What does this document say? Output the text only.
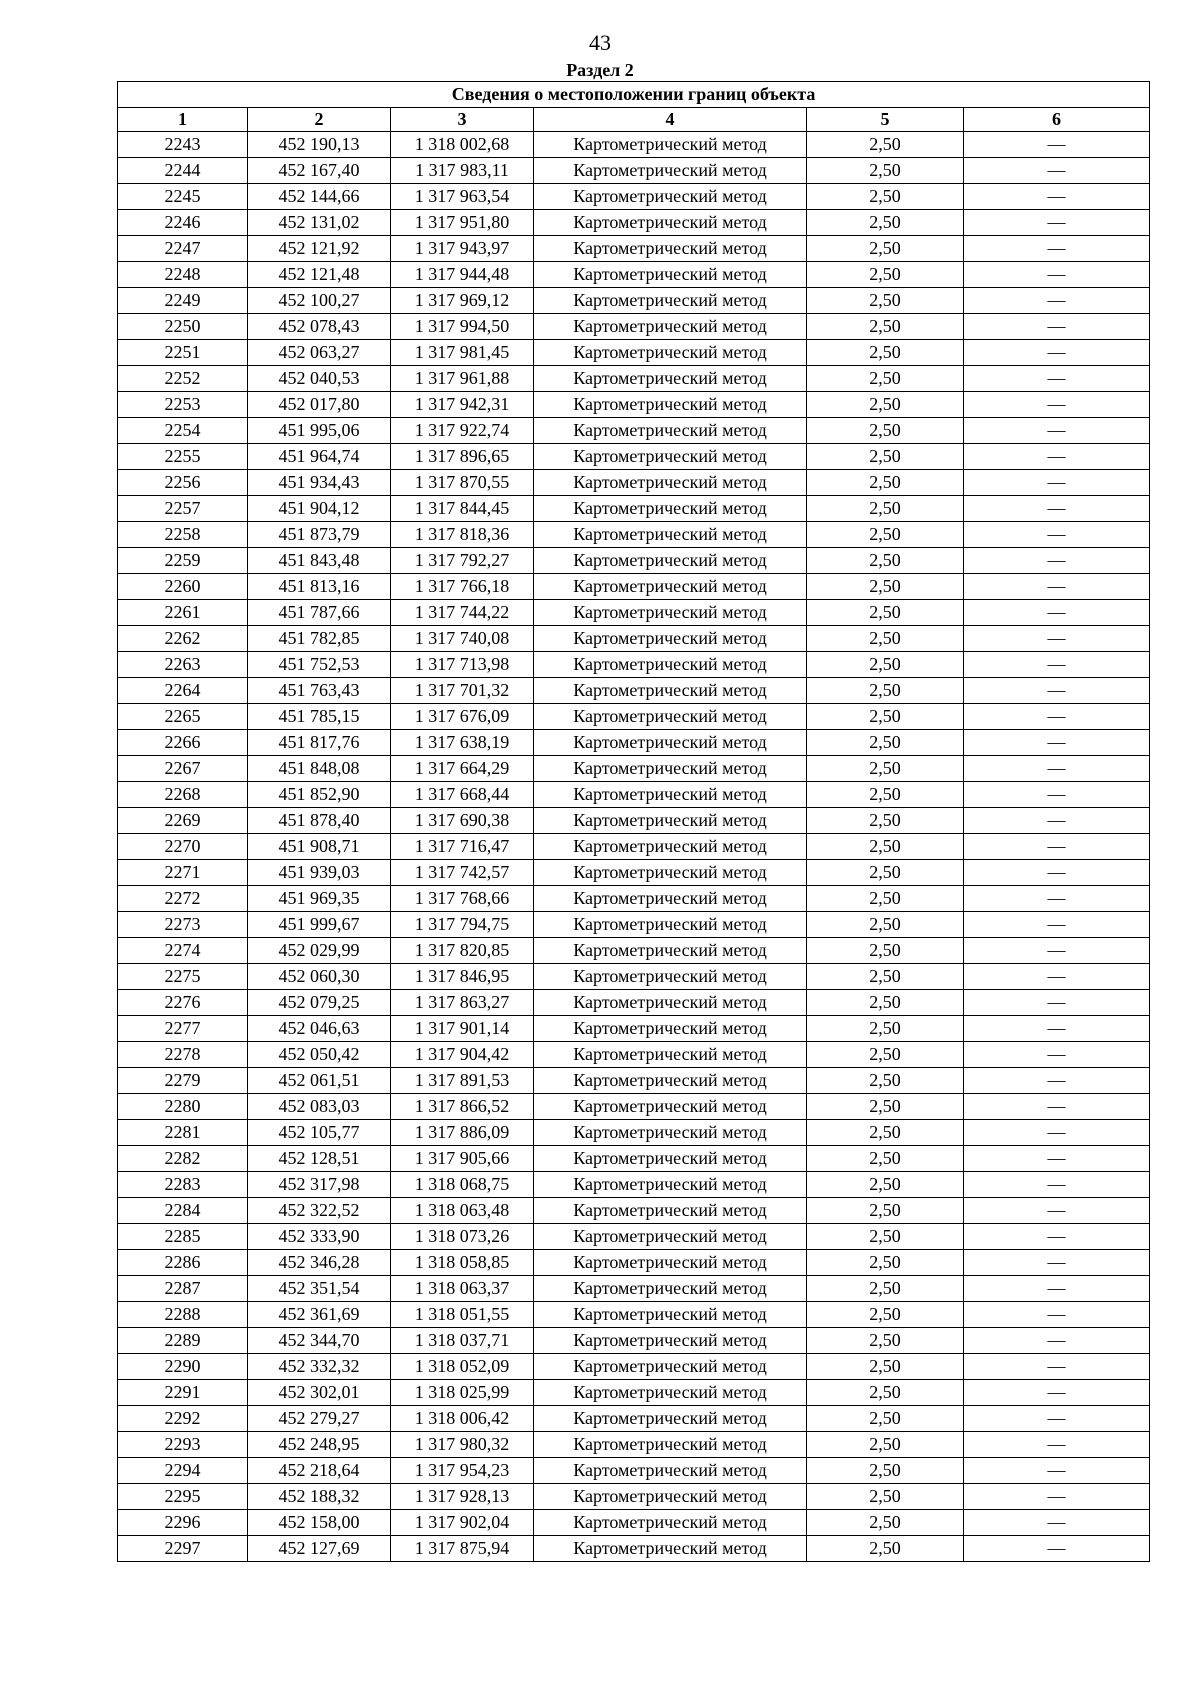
43
Раздел 2
Сведения о местоположении границ объекта					
1	2	3	4	5	6
2243	452 190,13	1 318 002,68	Картометрический метод	2,50	—
2244	452 167,40	1 317 983,11	Картометрический метод	2,50	—
2245	452 144,66	1 317 963,54	Картометрический метод	2,50	—
2246	452 131,02	1 317 951,80	Картометрический метод	2,50	—
2247	452 121,92	1 317 943,97	Картометрический метод	2,50	—
2248	452 121,48	1 317 944,48	Картометрический метод	2,50	—
2249	452 100,27	1 317 969,12	Картометрический метод	2,50	—
2250	452 078,43	1 317 994,50	Картометрический метод	2,50	—
2251	452 063,27	1 317 981,45	Картометрический метод	2,50	—
2252	452 040,53	1 317 961,88	Картометрический метод	2,50	—
2253	452 017,80	1 317 942,31	Картометрический метод	2,50	—
2254	451 995,06	1 317 922,74	Картометрический метод	2,50	—
2255	451 964,74	1 317 896,65	Картометрический метод	2,50	—
2256	451 934,43	1 317 870,55	Картометрический метод	2,50	—
2257	451 904,12	1 317 844,45	Картометрический метод	2,50	—
2258	451 873,79	1 317 818,36	Картометрический метод	2,50	—
2259	451 843,48	1 317 792,27	Картометрический метод	2,50	—
2260	451 813,16	1 317 766,18	Картометрический метод	2,50	—
2261	451 787,66	1 317 744,22	Картометрический метод	2,50	—
2262	451 782,85	1 317 740,08	Картометрический метод	2,50	—
2263	451 752,53	1 317 713,98	Картометрический метод	2,50	—
2264	451 763,43	1 317 701,32	Картометрический метод	2,50	—
2265	451 785,15	1 317 676,09	Картометрический метод	2,50	—
2266	451 817,76	1 317 638,19	Картометрический метод	2,50	—
2267	451 848,08	1 317 664,29	Картометрический метод	2,50	—
2268	451 852,90	1 317 668,44	Картометрический метод	2,50	—
2269	451 878,40	1 317 690,38	Картометрический метод	2,50	—
2270	451 908,71	1 317 716,47	Картометрический метод	2,50	—
2271	451 939,03	1 317 742,57	Картометрический метод	2,50	—
2272	451 969,35	1 317 768,66	Картометрический метод	2,50	—
2273	451 999,67	1 317 794,75	Картометрический метод	2,50	—
2274	452 029,99	1 317 820,85	Картометрический метод	2,50	—
2275	452 060,30	1 317 846,95	Картометрический метод	2,50	—
2276	452 079,25	1 317 863,27	Картометрический метод	2,50	—
2277	452 046,63	1 317 901,14	Картометрический метод	2,50	—
2278	452 050,42	1 317 904,42	Картометрический метод	2,50	—
2279	452 061,51	1 317 891,53	Картометрический метод	2,50	—
2280	452 083,03	1 317 866,52	Картометрический метод	2,50	—
2281	452 105,77	1 317 886,09	Картометрический метод	2,50	—
2282	452 128,51	1 317 905,66	Картометрический метод	2,50	—
2283	452 317,98	1 318 068,75	Картометрический метод	2,50	—
2284	452 322,52	1 318 063,48	Картометрический метод	2,50	—
2285	452 333,90	1 318 073,26	Картометрический метод	2,50	—
2286	452 346,28	1 318 058,85	Картометрический метод	2,50	—
2287	452 351,54	1 318 063,37	Картометрический метод	2,50	—
2288	452 361,69	1 318 051,55	Картометрический метод	2,50	—
2289	452 344,70	1 318 037,71	Картометрический метод	2,50	—
2290	452 332,32	1 318 052,09	Картометрический метод	2,50	—
2291	452 302,01	1 318 025,99	Картометрический метод	2,50	—
2292	452 279,27	1 318 006,42	Картометрический метод	2,50	—
2293	452 248,95	1 317 980,32	Картометрический метод	2,50	—
2294	452 218,64	1 317 954,23	Картометрический метод	2,50	—
2295	452 188,32	1 317 928,13	Картометрический метод	2,50	—
2296	452 158,00	1 317 902,04	Картометрический метод	2,50	—
2297	452 127,69	1 317 875,94	Картометрический метод	2,50	—
